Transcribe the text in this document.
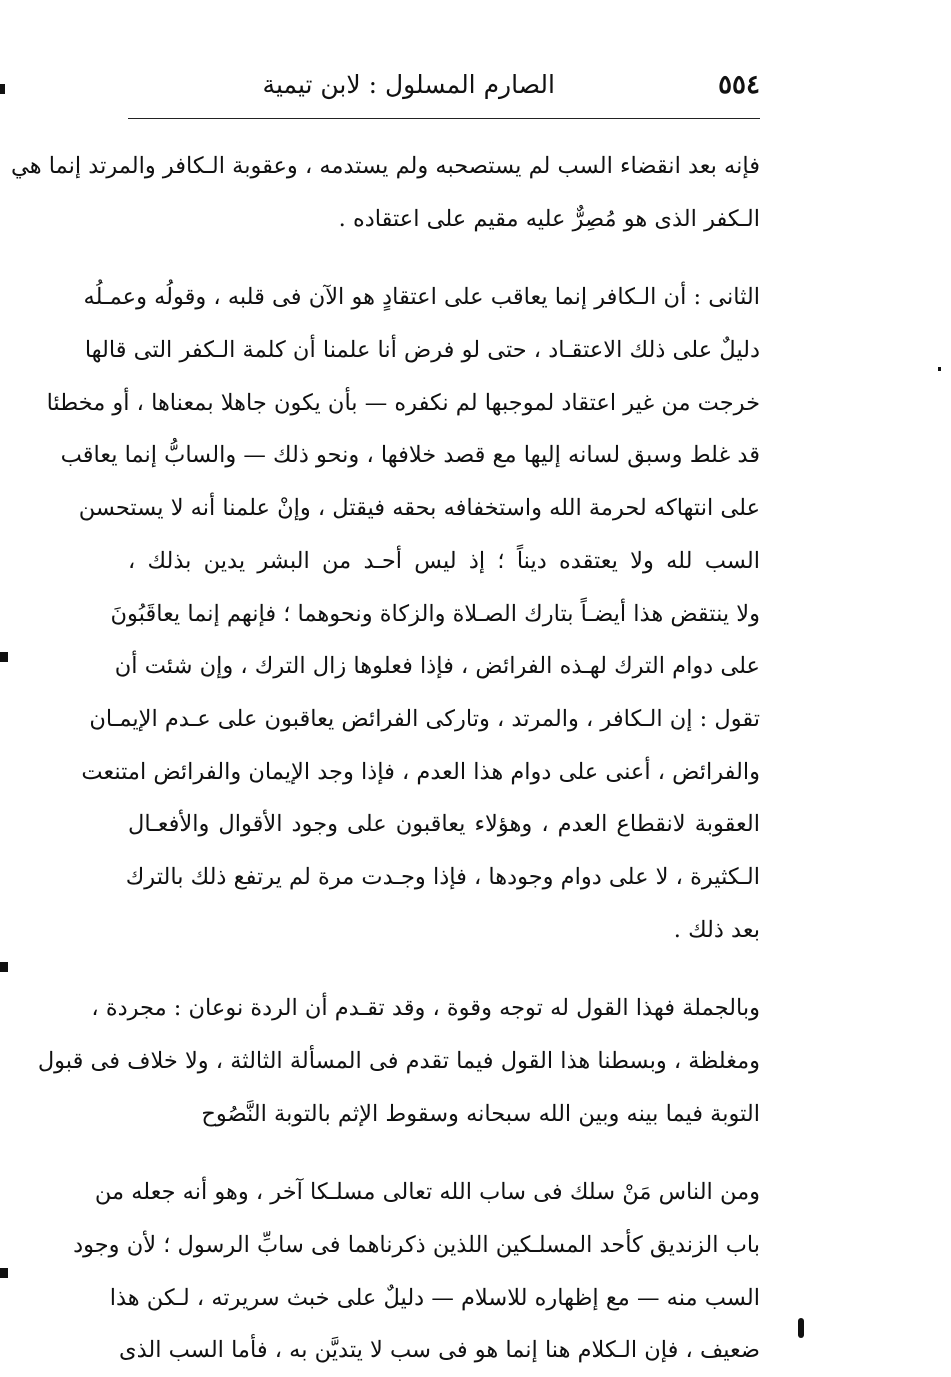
٥٥٤
الصارم المسلول : لابن تيمية
فإنه بعد انقضاء السب لم يستصحبه ولم يستدمه ، وعقوبة الـكافر والمرتد إنما هي
الـكفر الذى هو مُصِرٌّ عليه مقيم على اعتقاده .
الثانى : أن الـكافر إنما يعاقب على اعتقادٍ هو الآن فى قلبه ، وقولُه وعمـلُه
دليلٌ على ذلك الاعتقـاد ، حتى لو فرض أنا علمنا أن كلمة الـكفر التى قالها
خرجت من غير اعتقاد لموجبها لم نكفره — بأن يكون جاهلا بمعناها ، أو مخطئا
قد غلط وسبق لسانه إليها مع قصد خلافها ، ونحو ذلك — والسابُّ إنما يعاقب
على انتهاكه لحرمة الله واستخفافه بحقه فيقتل ، وإنْ علمنا أنه لا يستحسن
السب لله ولا يعتقده ديناً ؛ إذ ليس أحـد من البشر يدين بذلك ،
ولا ينتقض هذا أيضـاً بتارك الصـلاة والزكاة ونحوهما ؛ فإنهم إنما يعاقَبُونَ
على دوام الترك لهـذه الفرائض ، فإذا فعلوها زال الترك ، وإن شئت أن
تقول : إن الـكافر ، والمرتد ، وتاركى الفرائض يعاقبون على عـدم الإيمـان
والفرائض ، أعنى على دوام هذا العدم ، فإذا وجد الإيمان والفرائض امتنعت
العقوبة لانقطاع العدم ، وهؤلاء يعاقبون على وجود الأقوال والأفعـال
الـكثيرة ، لا على دوام وجودها ، فإذا وجـدت مرة لم يرتفع ذلك بالترك
بعد ذلك .
وبالجملة فهذا القول له توجه وقوة ، وقد تقـدم أن الردة نوعان : مجردة ،
ومغلظة ، وبسطنا هذا القول فيما تقدم فى المسألة الثالثة ، ولا خلاف فى قبول
التوبة فيما بينه وبين الله سبحانه وسقوط الإثم بالتوبة النَّصُوح
ومن الناس مَنْ سلك فى ساب الله تعالى مسلـكا آخر ، وهو أنه جعله من
باب الزنديق كأحد المسلـكين اللذين ذكرناهما فى سابِّ الرسول ؛ لأن وجود
السب منه — مع إظهاره للاسلام — دليلٌ على خبث سريرته ، لـكن هذا
ضعيف ، فإن الـكلام هنا إنما هو فى سب لا يتديَّن به ، فأما السب الذى
